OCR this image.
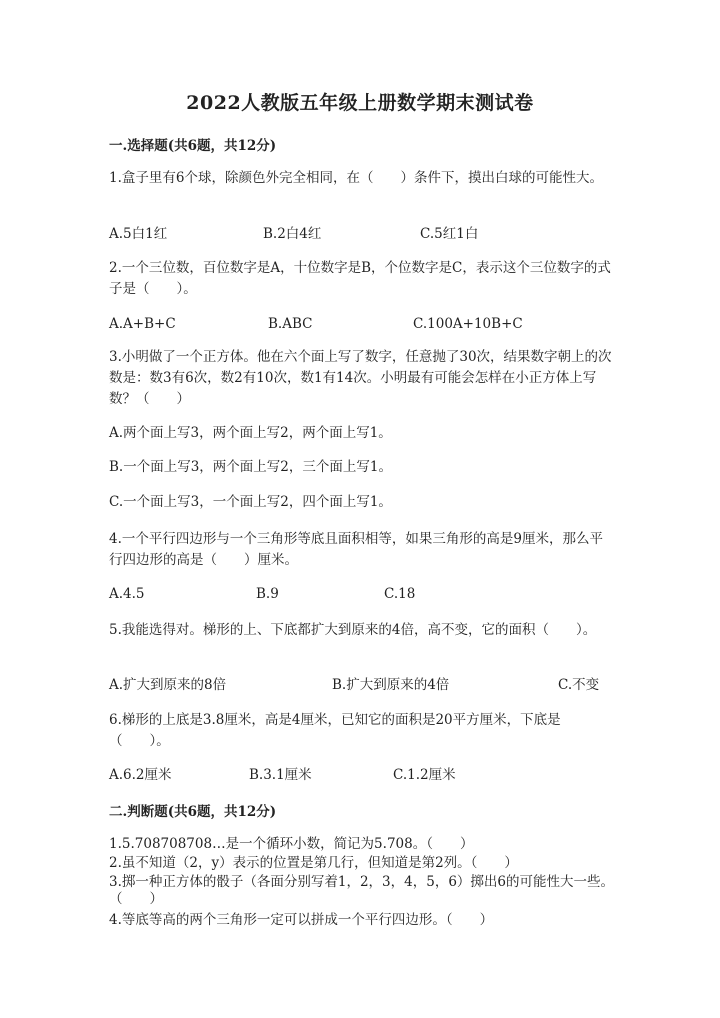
2022人教版五年级上册数学期末测试卷
一.选择题(共6题，共12分)
1.盒子里有6个球，除颜色外完全相同，在（　　）条件下，摸出白球的可能性大。
A.5白1红	B.2白4红	C.5红1白
2.一个三位数，百位数字是A，十位数字是B，个位数字是C，表示这个三位数字的式子是（　　）。
A.A+B+C	B.ABC	C.100A+10B+C
3.小明做了一个正方体。他在六个面上写了数字，任意抛了30次，结果数字朝上的次数是：数3有6次，数2有10次，数1有14次。小明最有可能会怎样在小正方体上写数？（　　）
A.两个面上写3，两个面上写2，两个面上写1。
B.一个面上写3，两个面上写2，三个面上写1。
C.一个面上写3，一个面上写2，四个面上写1。
4.一个平行四边形与一个三角形等底且面积相等，如果三角形的高是9厘米，那么平行四边形的高是（　　）厘米。
A.4.5	B.9	C.18
5.我能选得对。梯形的上、下底都扩大到原来的4倍，高不变，它的面积（　　）。
A.扩大到原来的8倍	B.扩大到原来的4倍	C.不变
6.梯形的上底是3.8厘米，高是4厘米，已知它的面积是20平方厘米，下底是（　　）。
A.6.2厘米	B.3.1厘米	C.1.2厘米
二.判断题(共6题，共12分)
1.5.708708708…是一个循环小数，简记为5.708。（　　）
2.虽不知道（2，y）表示的位置是第几行，但知道是第2列。（　　）
3.掷一种正方体的骰子（各面分别写着1，2，3，4，5，6）掷出6的可能性大一些。（　　）
4.等底等高的两个三角形一定可以拼成一个平行四边形。（　　）
